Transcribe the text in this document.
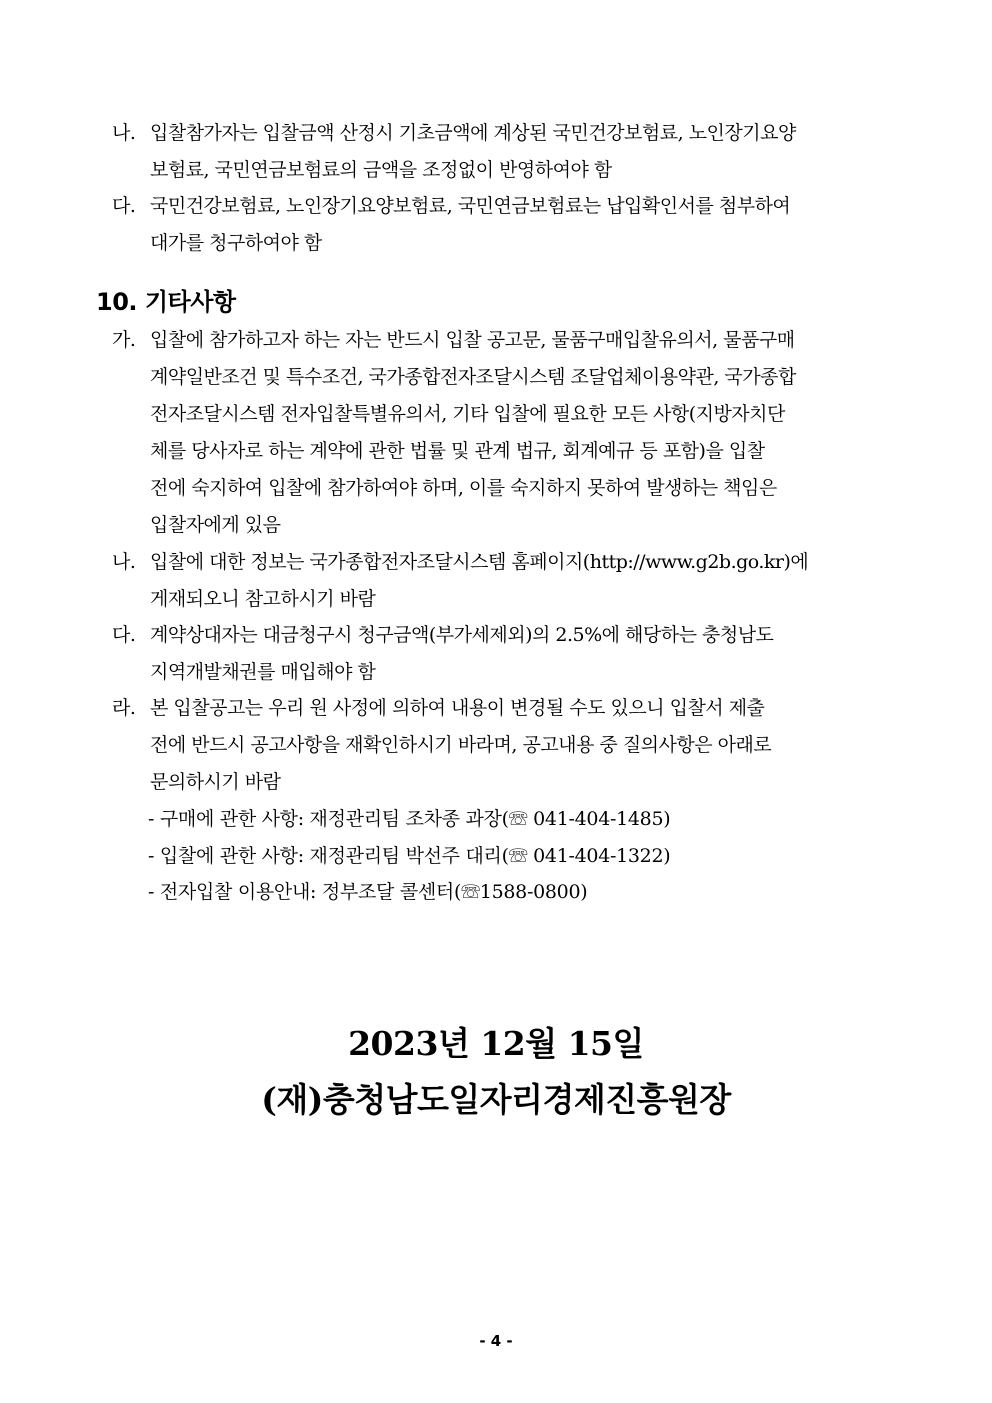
나. 입찰참가자는 입찰금액 산정시 기초금액에 계상된 국민건강보험료, 노인장기요양
보험료, 국민연금보험료의 금액을 조정없이 반영하여야 함
다. 국민건강보험료, 노인장기요양보험료, 국민연금보험료는 납입확인서를 첨부하여
대가를 청구하여야 함
10. 기타사항
가. 입찰에 참가하고자 하는 자는 반드시 입찰 공고문, 물품구매입찰유의서, 물품구매
계약일반조건 및 특수조건, 국가종합전자조달시스템 조달업체이용약관, 국가종합
전자조달시스템 전자입찰특별유의서, 기타 입찰에 필요한 모든 사항(지방자치단
체를 당사자로 하는 계약에 관한 법률 및 관계 법규, 회계예규 등 포함)을 입찰
전에 숙지하여 입찰에 참가하여야 하며, 이를 숙지하지 못하여 발생하는 책임은
입찰자에게 있음
나. 입찰에 대한 정보는 국가종합전자조달시스템 홈페이지(http://www.g2b.go.kr)에
게재되오니 참고하시기 바람
다. 계약상대자는 대금청구시 청구금액(부가세제외)의 2.5%에 해당하는 충청남도
지역개발채권를 매입해야 함
라. 본 입찰공고는 우리 원 사정에 의하여 내용이 변경될 수도 있으니 입찰서 제출
전에 반드시 공고사항을 재확인하시기 바라며, 공고내용 중 질의사항은 아래로
문의하시기 바람
- 구매에 관한 사항: 재정관리팀 조차종 과장(☏ 041-404-1485)
- 입찰에 관한 사항: 재정관리팀 박선주 대리(☏ 041-404-1322)
- 전자입찰 이용안내: 정부조달 콜센터(☏1588-0800)
2023년 12월 15일
(재)충청남도일자리경제진흥원장
- 4 -
